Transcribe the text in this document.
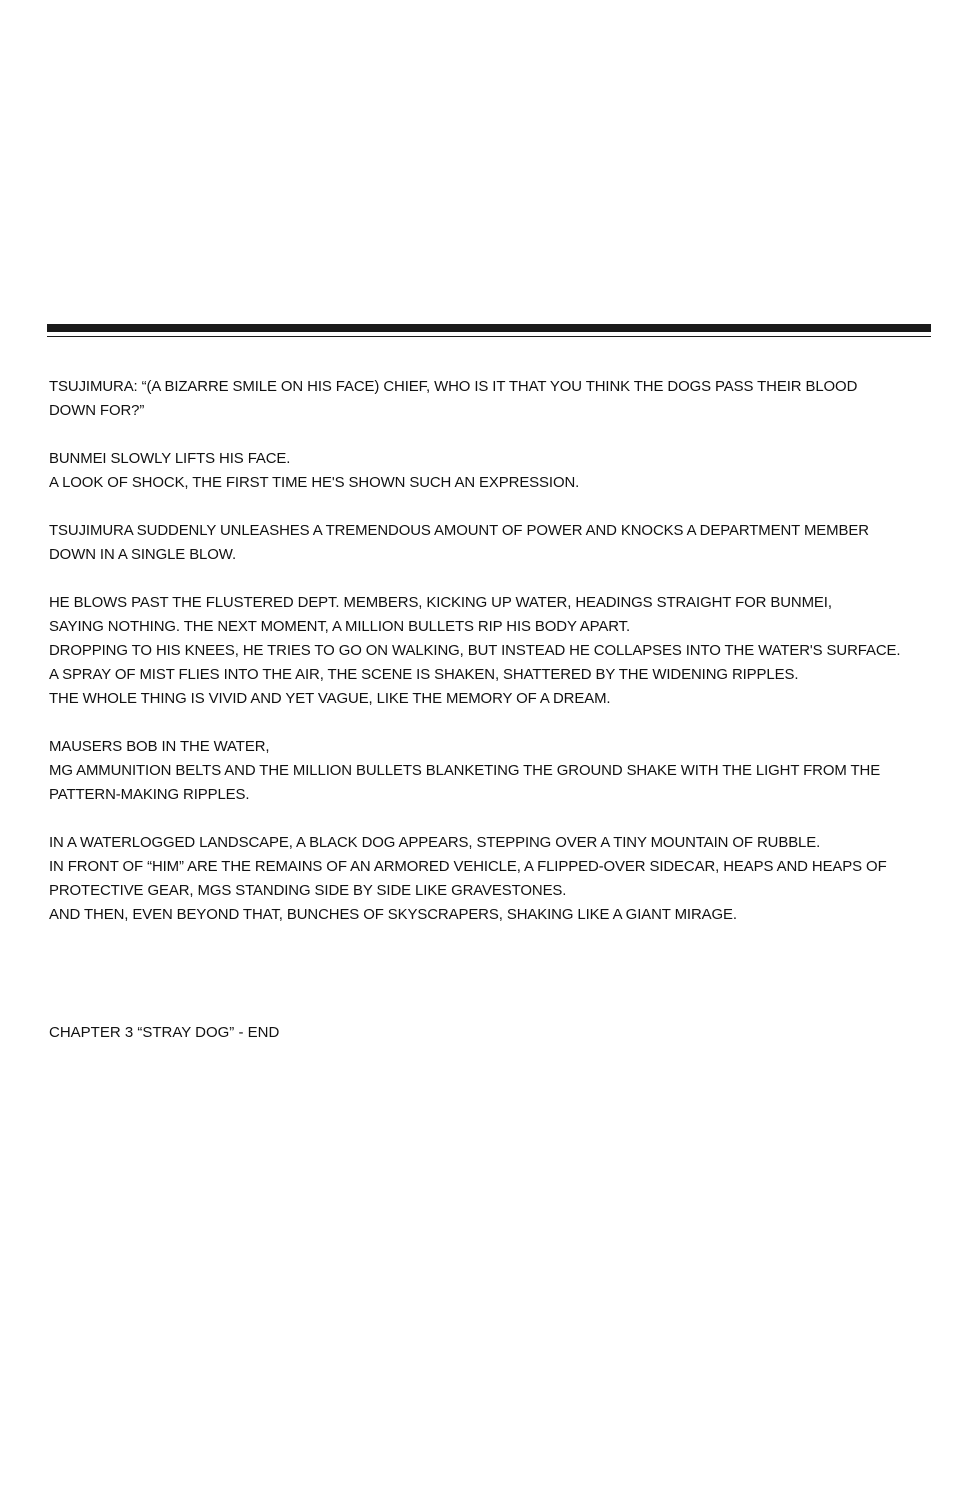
TSUJIMURA: “(A BIZARRE SMILE ON HIS FACE) CHIEF, WHO IS IT THAT YOU THINK THE DOGS PASS THEIR BLOOD
DOWN FOR?”
BUNMEI SLOWLY LIFTS HIS FACE.
A LOOK OF SHOCK, THE FIRST TIME HE'S SHOWN SUCH AN EXPRESSION.
TSUJIMURA SUDDENLY UNLEASHES A TREMENDOUS AMOUNT OF POWER AND KNOCKS A DEPARTMENT MEMBER
DOWN IN A SINGLE BLOW.
HE BLOWS PAST THE FLUSTERED DEPT. MEMBERS, KICKING UP WATER, HEADINGS STRAIGHT FOR BUNMEI,
SAYING NOTHING. THE NEXT MOMENT, A MILLION BULLETS RIP HIS BODY APART.
DROPPING TO HIS KNEES, HE TRIES TO GO ON WALKING, BUT INSTEAD HE COLLAPSES INTO THE WATER'S SURFACE.
A SPRAY OF MIST FLIES INTO THE AIR, THE SCENE IS SHAKEN, SHATTERED BY THE WIDENING RIPPLES.
THE WHOLE THING IS VIVID AND YET VAGUE, LIKE THE MEMORY OF A DREAM.
MAUSERS BOB IN THE WATER,
MG AMMUNITION BELTS AND THE MILLION BULLETS BLANKETING THE GROUND SHAKE WITH THE LIGHT FROM THE
PATTERN-MAKING RIPPLES.
IN A WATERLOGGED LANDSCAPE, A BLACK DOG APPEARS, STEPPING OVER A TINY MOUNTAIN OF RUBBLE.
IN FRONT OF “HIM” ARE THE REMAINS OF AN ARMORED VEHICLE, A FLIPPED-OVER SIDECAR, HEAPS AND HEAPS OF
PROTECTIVE GEAR, MGS STANDING SIDE BY SIDE LIKE GRAVESTONES.
AND THEN, EVEN BEYOND THAT, BUNCHES OF SKYSCRAPERS, SHAKING LIKE A GIANT MIRAGE.
CHAPTER 3 “STRAY DOG” - END
